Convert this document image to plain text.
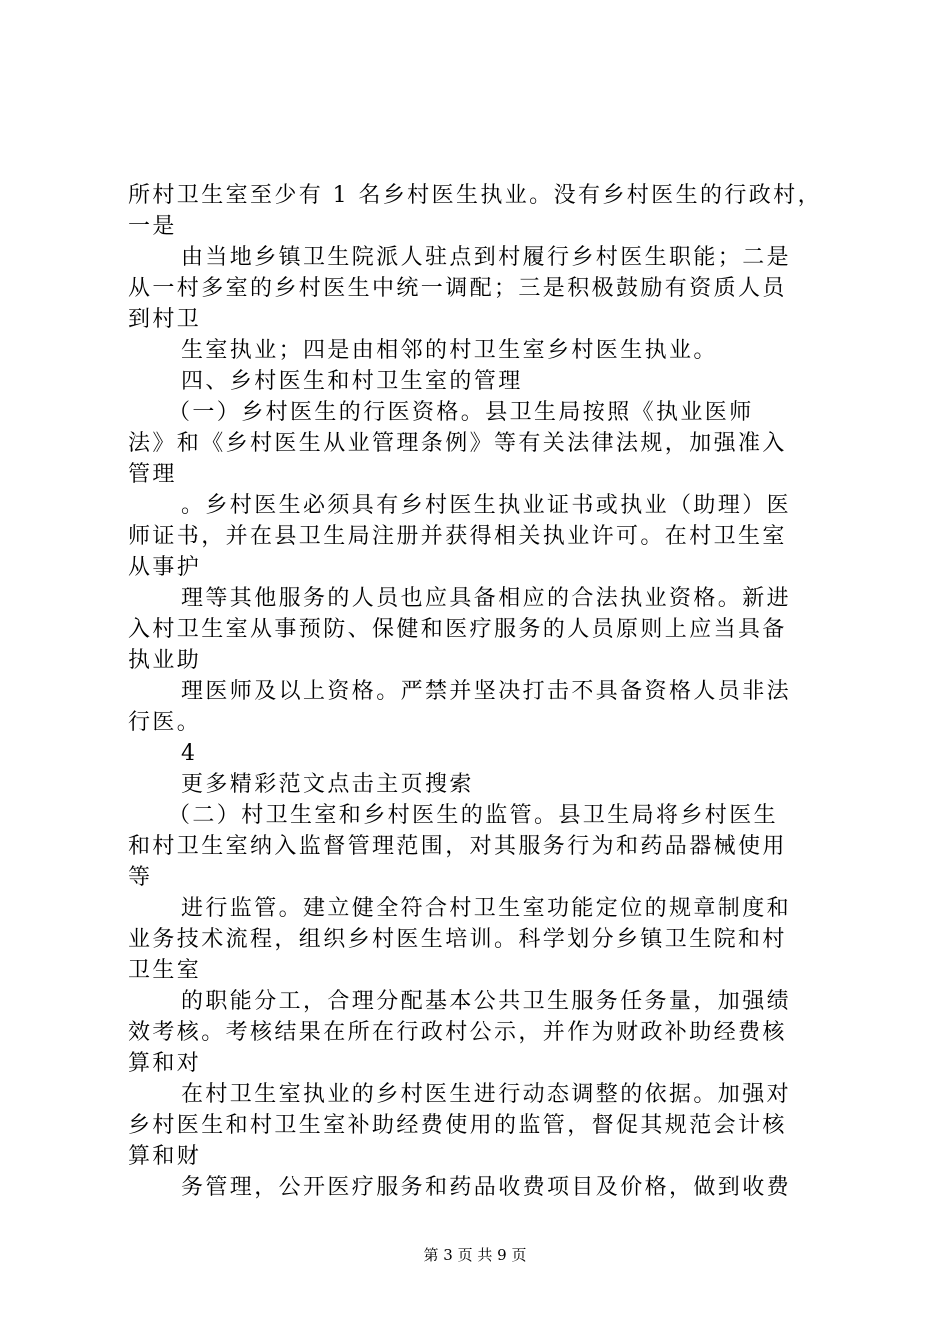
所村卫生室至少有 1 名乡村医生执业。没有乡村医生的行政村，
一是
由当地乡镇卫生院派人驻点到村履行乡村医生职能；二是
从一村多室的乡村医生中统一调配；三是积极鼓励有资质人员
到村卫
生室执业；四是由相邻的村卫生室乡村医生执业。
四、乡村医生和村卫生室的管理
（一）乡村医生的行医资格。县卫生局按照《执业医师
法》和《乡村医生从业管理条例》等有关法律法规，加强准入
管理
。乡村医生必须具有乡村医生执业证书或执业（助理）医
师证书，并在县卫生局注册并获得相关执业许可。在村卫生室
从事护
理等其他服务的人员也应具备相应的合法执业资格。新进
入村卫生室从事预防、保健和医疗服务的人员原则上应当具备
执业助
理医师及以上资格。严禁并坚决打击不具备资格人员非法
行医。
4
更多精彩范文点击主页搜索
（二）村卫生室和乡村医生的监管。县卫生局将乡村医生
和村卫生室纳入监督管理范围，对其服务行为和药品器械使用
等
进行监管。建立健全符合村卫生室功能定位的规章制度和
业务技术流程，组织乡村医生培训。科学划分乡镇卫生院和村
卫生室
的职能分工，合理分配基本公共卫生服务任务量，加强绩
效考核。考核结果在所在行政村公示，并作为财政补助经费核
算和对
在村卫生室执业的乡村医生进行动态调整的依据。加强对
乡村医生和村卫生室补助经费使用的监管，督促其规范会计核
算和财
务管理，公开医疗服务和药品收费项目及价格，做到收费
第 3 页 共 9 页
